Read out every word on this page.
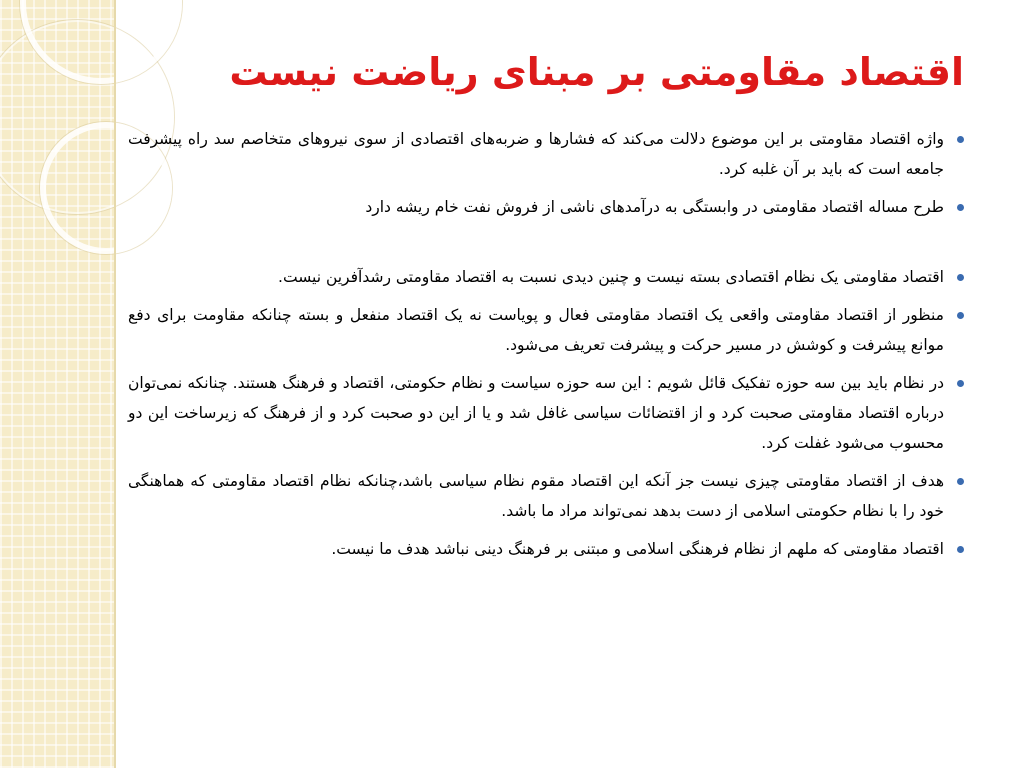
اقتصاد مقاومتی بر مبنای ریاضت نیست
واژه اقتصاد مقاومتی بر این موضوع دلالت می‌کند که فشارها و ضربه‌های اقتصادی از سوی نیروهای متخاصم سد راه پیشرفت جامعه است که باید بر آن غلبه کرد.
طرح مساله اقتصاد مقاومتی در وابستگی به درآمدهای ناشی از فروش نفت خام ریشه دارد
اقتصاد مقاومتی یک نظام اقتصادی بسته نیست و چنین دیدی نسبت به اقتصاد مقاومتی رشدآفرین نیست.
منظور از اقتصاد مقاومتی واقعی یک اقتصاد مقاومتی فعال و پویاست نه یک اقتصاد منفعل و بسته چنانکه مقاومت برای دفع موانع پیشرفت و کوشش در مسیر حرکت و پیشرفت تعریف می‌شود.
در نظام باید بین سه حوزه تفکیک قائل شویم : این سه حوزه سیاست و نظام حکومتی، اقتصاد و فرهنگ هستند. چنانکه نمی‌توان درباره اقتصاد مقاومتی صحبت کرد و از اقتضائات سیاسی غافل شد و یا از این دو صحبت کرد و از فرهنگ که زیرساخت این دو محسوب می‌شود غفلت کرد.
هدف از اقتصاد مقاومتی چیزی نیست جز آنکه این اقتصاد مقوم نظام سیاسی باشد،چنانکه نظام اقتصاد مقاومتی که هماهنگی خود را با نظام حکومتی اسلامی از دست بدهد نمی‌تواند مراد ما باشد.
اقتصاد مقاومتی که ملهم از نظام فرهنگی اسلامی و مبتنی بر فرهنگ دینی نباشد هدف ما نیست.
